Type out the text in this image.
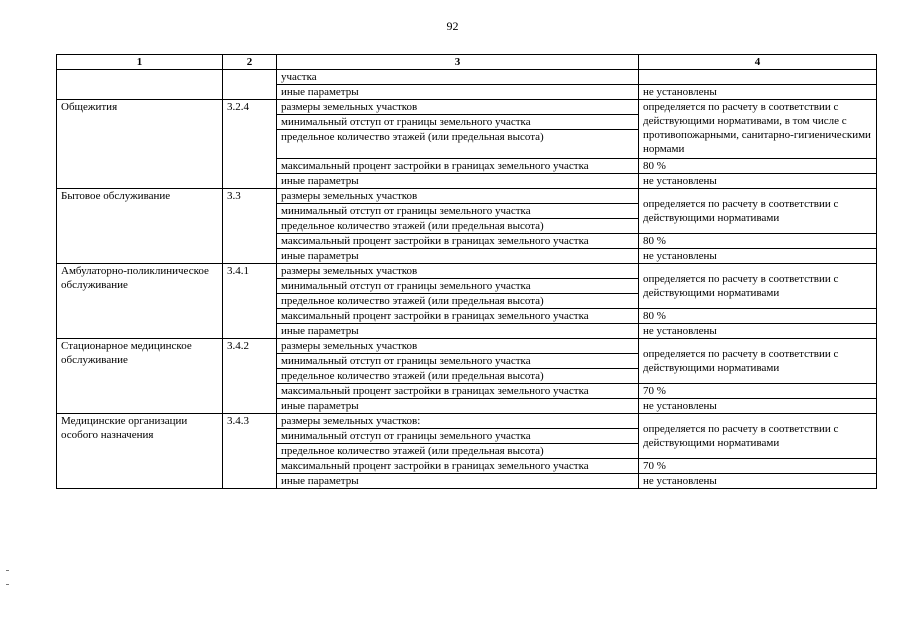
92
1	2	3	4
		участка	
		иные параметры	не установлены
Общежития	3.2.4	размеры земельных участков	определяется по расчету в соответствии с действующими нормативами, в том числе с противопожарными, санитарно-гигиеническими нормами
		минимальный отступ от границы земельного участка	
		предельное количество этажей (или предельная высота)	
		максимальный процент застройки в границах земельного участка	80 %
		иные параметры	не установлены
Бытовое обслуживание	3.3	размеры земельных участков	определяется по расчету в соответствии с действующими нормативами
		минимальный отступ от границы земельного участка	
		предельное количество этажей (или предельная высота)	
		максимальный процент застройки в границах земельного участка	80 %
		иные параметры	не установлены
Амбулаторно-поликлиническое обслуживание	3.4.1	размеры земельных участков	определяется по расчету в соответствии с действующими нормативами
		минимальный отступ от границы земельного участка	
		предельное количество этажей (или предельная высота)	
		максимальный процент застройки в границах земельного участка	80 %
		иные параметры	не установлены
Стационарное медицинское обслуживание	3.4.2	размеры земельных участков	определяется по расчету в соответствии с действующими нормативами
		минимальный отступ от границы земельного участка	
		предельное количество этажей (или предельная высота)	
		максимальный процент застройки в границах земельного участка	70 %
		иные параметры	не установлены
Медицинские организации особого назначения	3.4.3	размеры земельных участков:	определяется по расчету в соответствии с действующими нормативами
		минимальный отступ от границы земельного участка	
		предельное количество этажей (или предельная высота)	
		максимальный процент застройки в границах земельного участка	70 %
		иные параметры	не установлены
